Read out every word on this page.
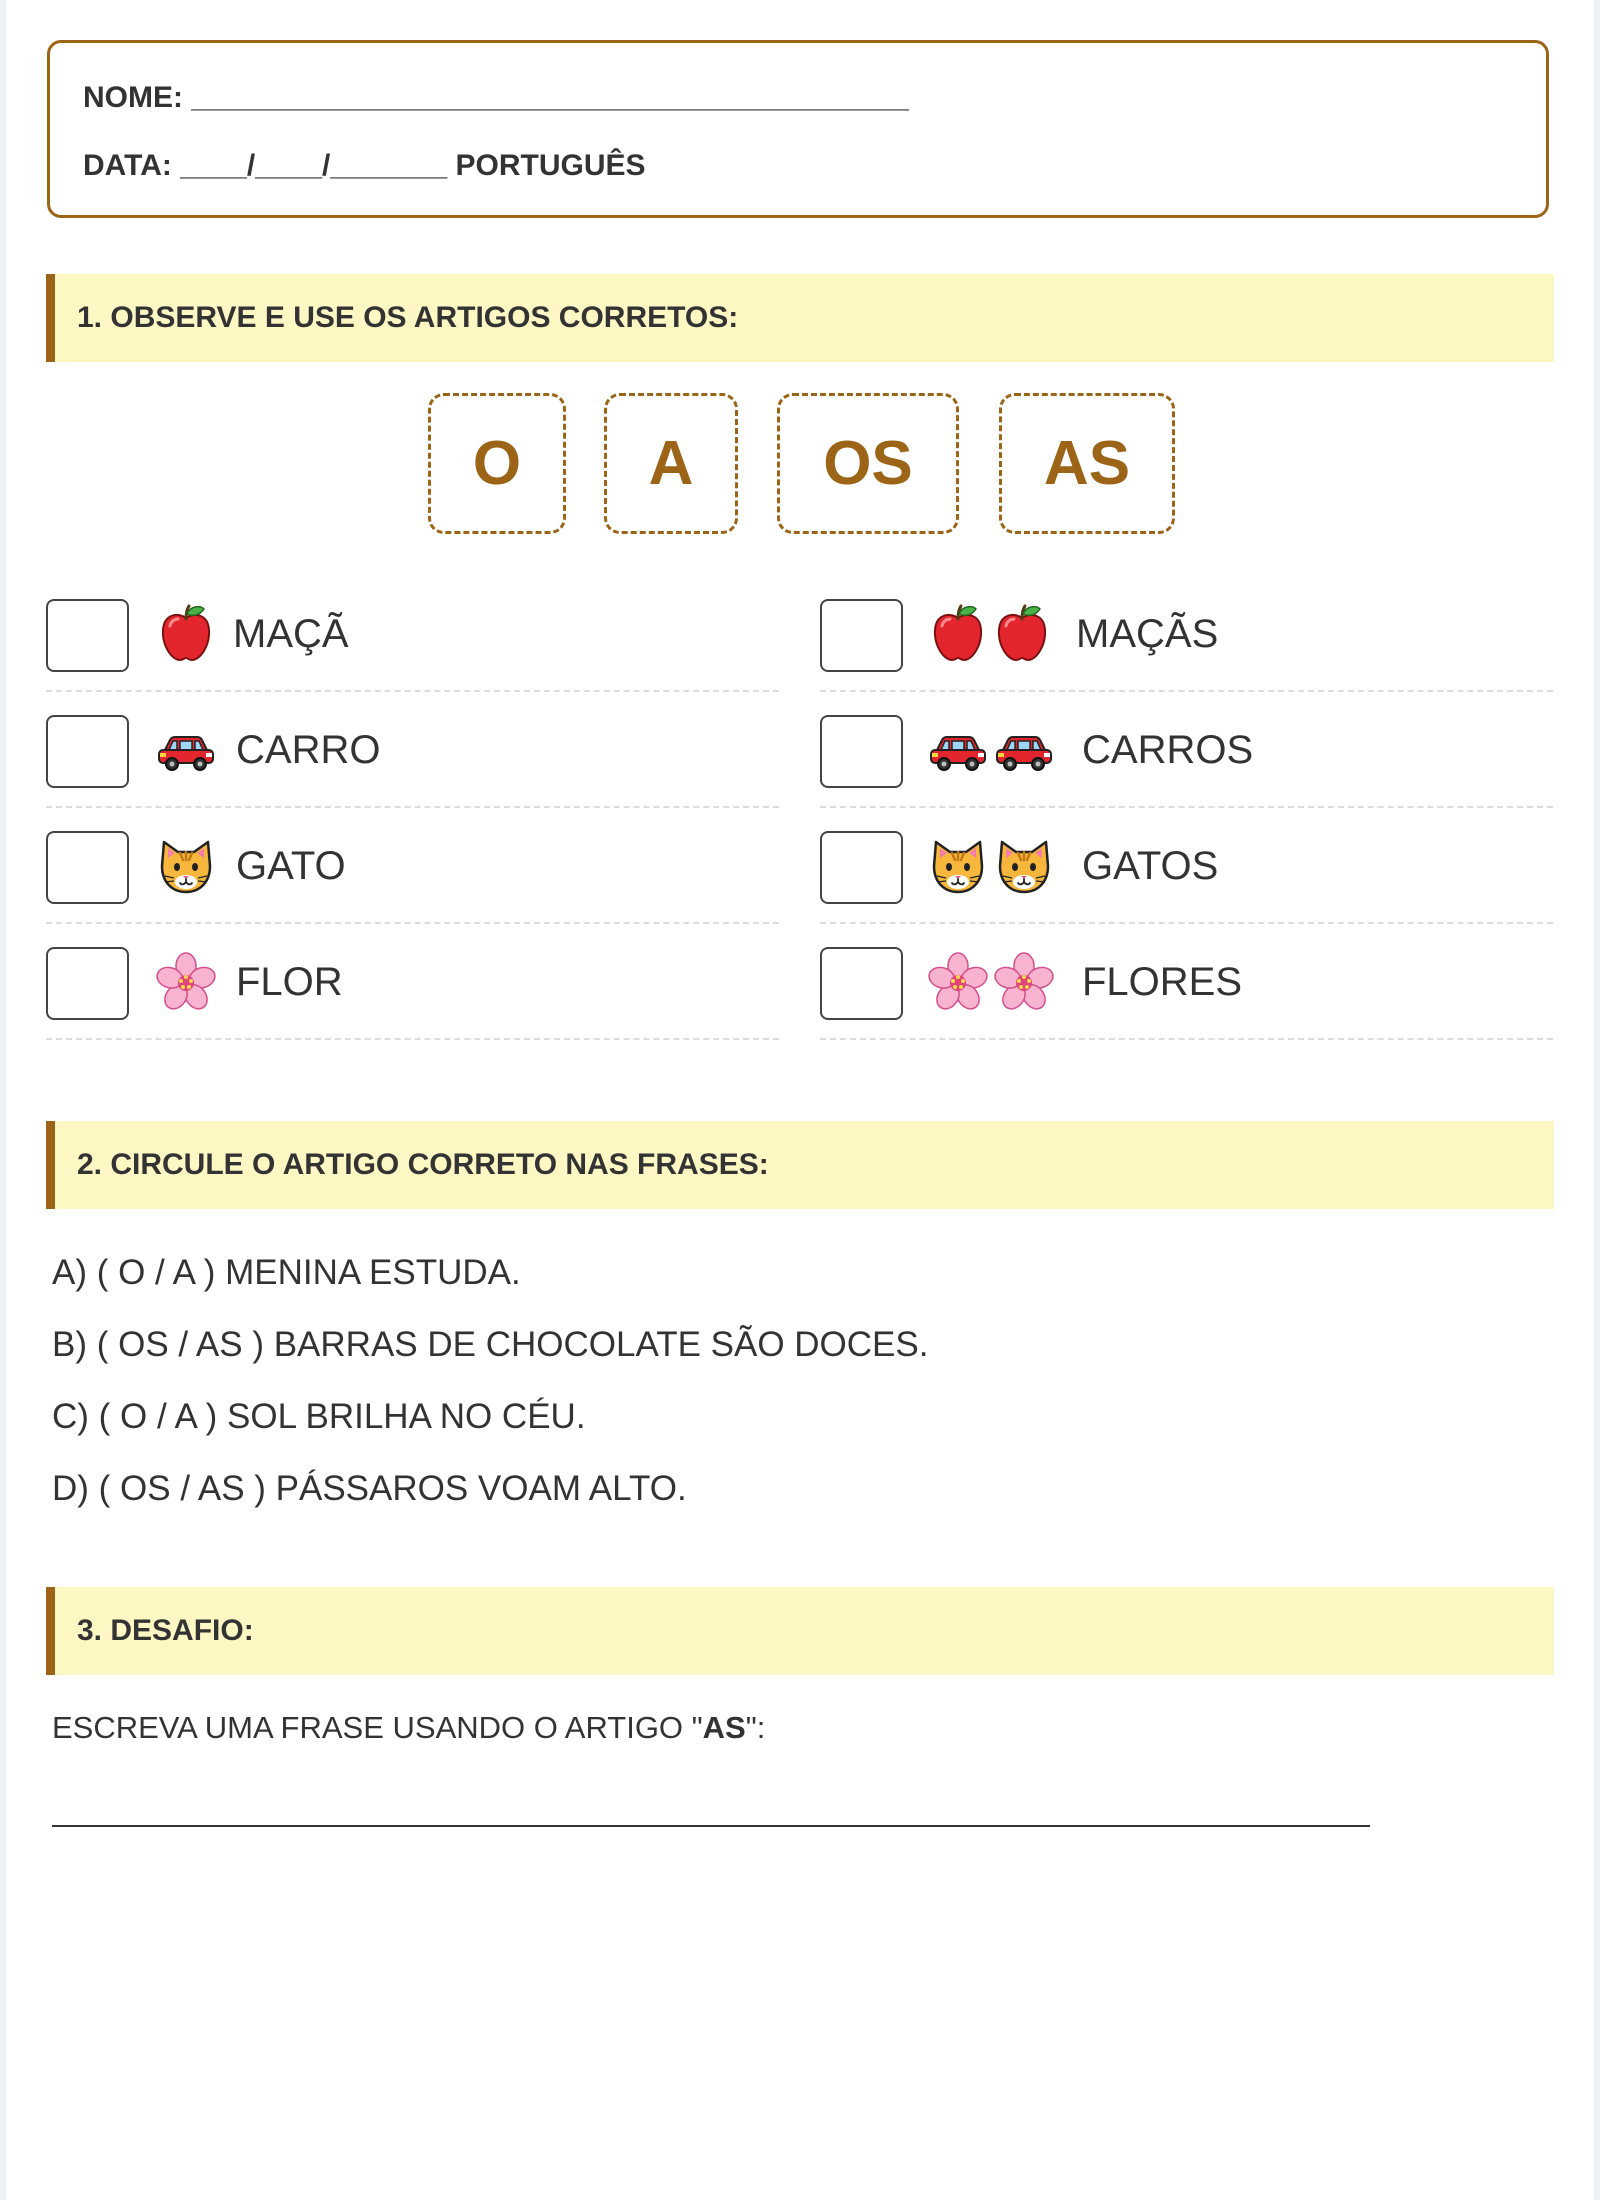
NOME: ___________________________________________
DATA: ____/____/_______ PORTUGUÊS
1. OBSERVE E USE OS ARTIGOS CORRETOS:
O	A	OS	AS
MAÇÃ
CARRO
GATO
FLOR
MAÇÃS
CARROS
GATOS
FLORES
2. CIRCULE O ARTIGO CORRETO NAS FRASES:
A) ( O / A ) MENINA ESTUDA.
B) ( OS / AS ) BARRAS DE CHOCOLATE SÃO DOCES.
C) ( O / A ) SOL BRILHA NO CÉU.
D) ( OS / AS ) PÁSSAROS VOAM ALTO.
3. DESAFIO:
ESCREVA UMA FRASE USANDO O ARTIGO "AS":
